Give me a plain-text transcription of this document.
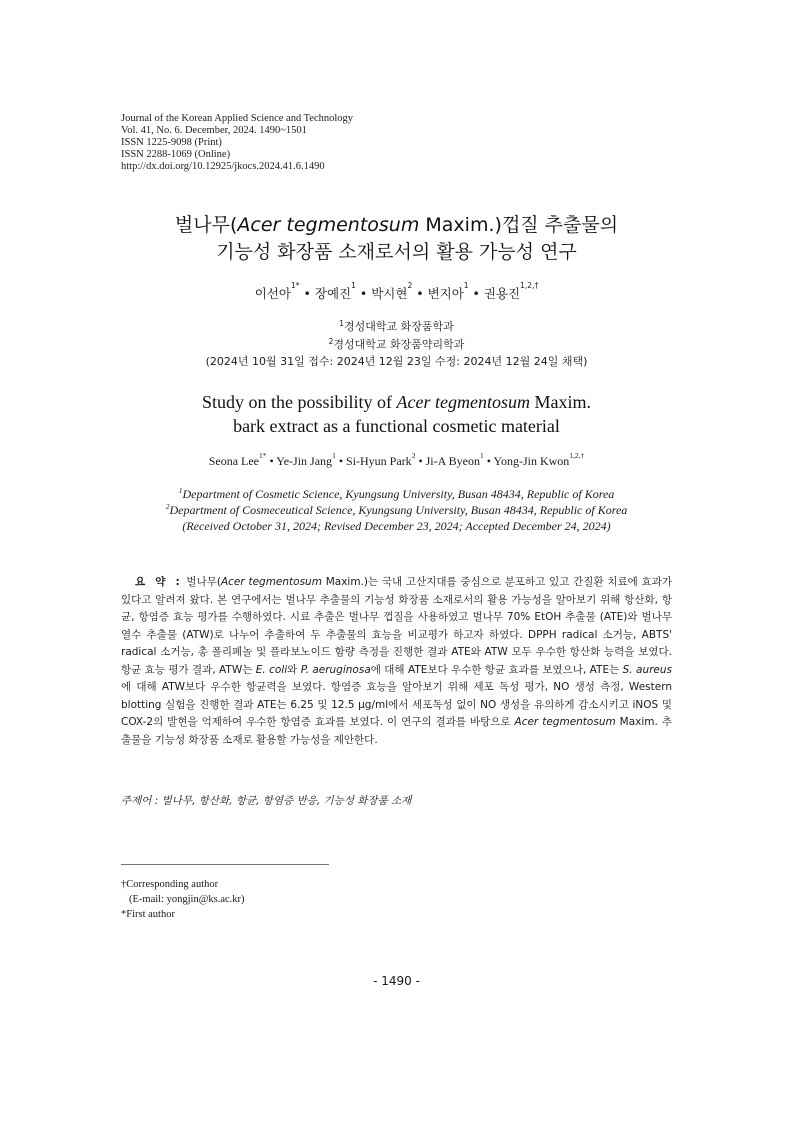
Journal of the Korean Applied Science and Technology
Vol. 41, No. 6. December, 2024. 1490~1501
ISSN 1225-9098 (Print)
ISSN 2288-1069 (Online)
http://dx.doi.org/10.12925/jkocs.2024.41.6.1490
벌나무(Acer tegmentosum Maxim.)껍질 추출물의
기능성 화장품 소재로서의 활용 가능성 연구
이선아$^{1*}$ • 장예진$^1$ • 박시현$^2$ • 변지아$^1$ • 권용진$^{1,2,\dagger}$
$^1$경성대학교 화장품학과
$^2$경성대학교 화장품약리학과
(2024년 10월 31일 접수: 2024년 12월 23일 수정: 2024년 12월 24일 채택)
Study on the possibility of Acer tegmentosum Maxim.
bark extract as a functional cosmetic material
Seona Lee$^{1*}$ • Ye-Jin Jang$^1$ • Si-Hyun Park$^2$ • Ji-A Byeon$^1$ • Yong-Jin Kwon$^{1,2,\dagger}$
$^1$Department of Cosmetic Science, Kyungsung University, Busan 48434, Republic of Korea
$^2$Department of Cosmeceutical Science, Kyungsung University, Busan 48434, Republic of Korea
(Received October 31, 2024; Revised December 23, 2024; Accepted December 24, 2024)
요 약 : 벌나무(Acer tegmentosum Maxim.)는 국내 고산지대를 중심으로 분포하고 있고 간질환 치료에 효과가 있다고 알려져 왔다. 본 연구에서는 벌나무 추출물의 기능성 화장품 소재로서의 활용 가능성을 알아보기 위해 항산화, 항균, 항염증 효능 평가를 수행하였다. 시료 추출은 벌나무 껍질을 사용하였고 벌나무 70% EtOH 추출물 (ATE)와 벌나무 열수 추출물 (ATW)로 나누어 추출하여 두 추출물의 효능을 비교평가 하고자 하였다. DPPH radical 소거능, ABTS' radical 소거능, 총 폴리페놀 및 플라보노이드 함량 측정을 진행한 결과 ATE와 ATW 모두 우수한 항산화 능력을 보였다. 항균 효능 평가 결과, ATW는 E. coli와 P. aeruginosa에 대해 ATE보다 우수한 항균 효과를 보였으나, ATE는 S. aureus에 대해 ATW보다 우수한 항균력을 보였다. 항염증 효능을 알아보기 위해 세포 독성 평가, NO 생성 측정, Western blotting 실험을 진행한 결과 ATE는 6.25 및 12.5 μg/ml에서 세포독성 없이 NO 생성을 유의하게 감소시키고 iNOS 및 COX-2의 발현을 억제하여 우수한 항염증 효과를 보였다. 이 연구의 결과를 바탕으로 Acer tegmentosum Maxim. 추출물을 기능성 화장품 소재로 활용할 가능성을 제안한다.
주제어 : 벌나무, 항산화, 항균, 항염증 반응, 기능성 화장품 소재
†Corresponding author
(E-mail: yongjin@ks.ac.kr)
*First author
- 1490 -
